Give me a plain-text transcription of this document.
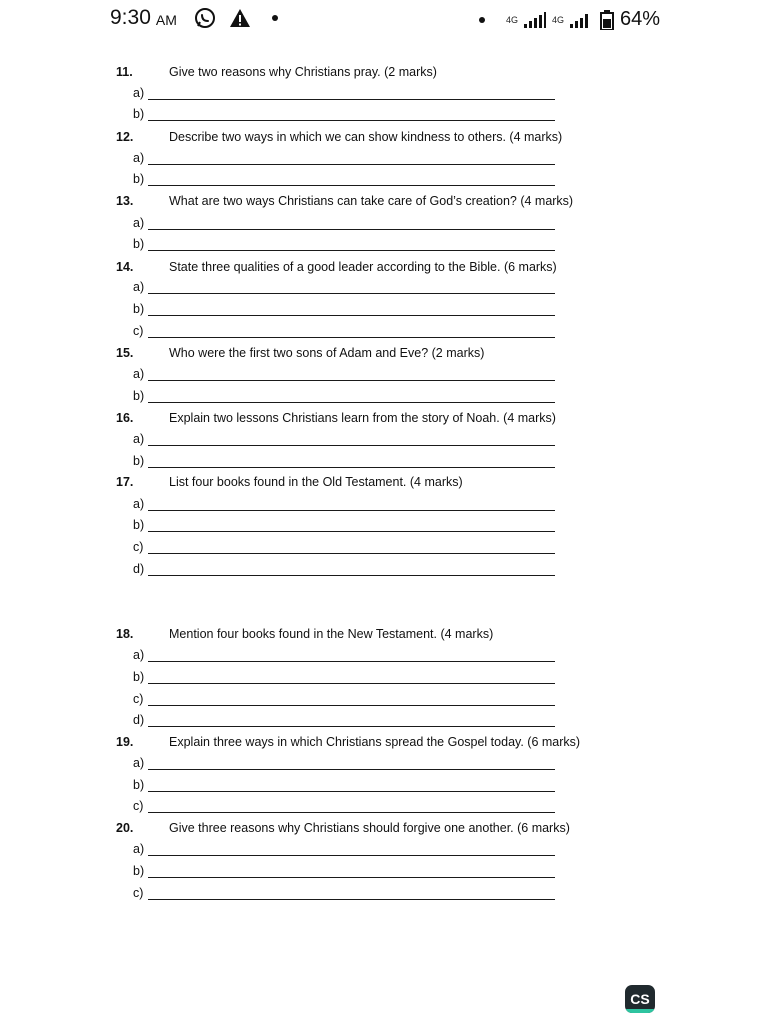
9:30 AM	4G	4G	64%
11.	Give two reasons why Christians pray. (2 marks)
a)
b)
12.	Describe two ways in which we can show kindness to others. (4 marks)
a)
b)
13.	What are two ways Christians can take care of God’s creation? (4 marks)
a)
b)
14.	State three qualities of a good leader according to the Bible. (6 marks)
a)
b)
c)
15.	Who were the first two sons of Adam and Eve? (2 marks)
a)
b)
16.	Explain two lessons Christians learn from the story of Noah. (4 marks)
a)
b)
17.	List four books found in the Old Testament. (4 marks)
a)
b)
c)
d)
18.	Mention four books found in the New Testament. (4 marks)
a)
b)
c)
d)
19.	Explain three ways in which Christians spread the Gospel today. (6 marks)
a)
b)
c)
20.	Give three reasons why Christians should forgive one another. (6 marks)
a)
b)
c)
CS
